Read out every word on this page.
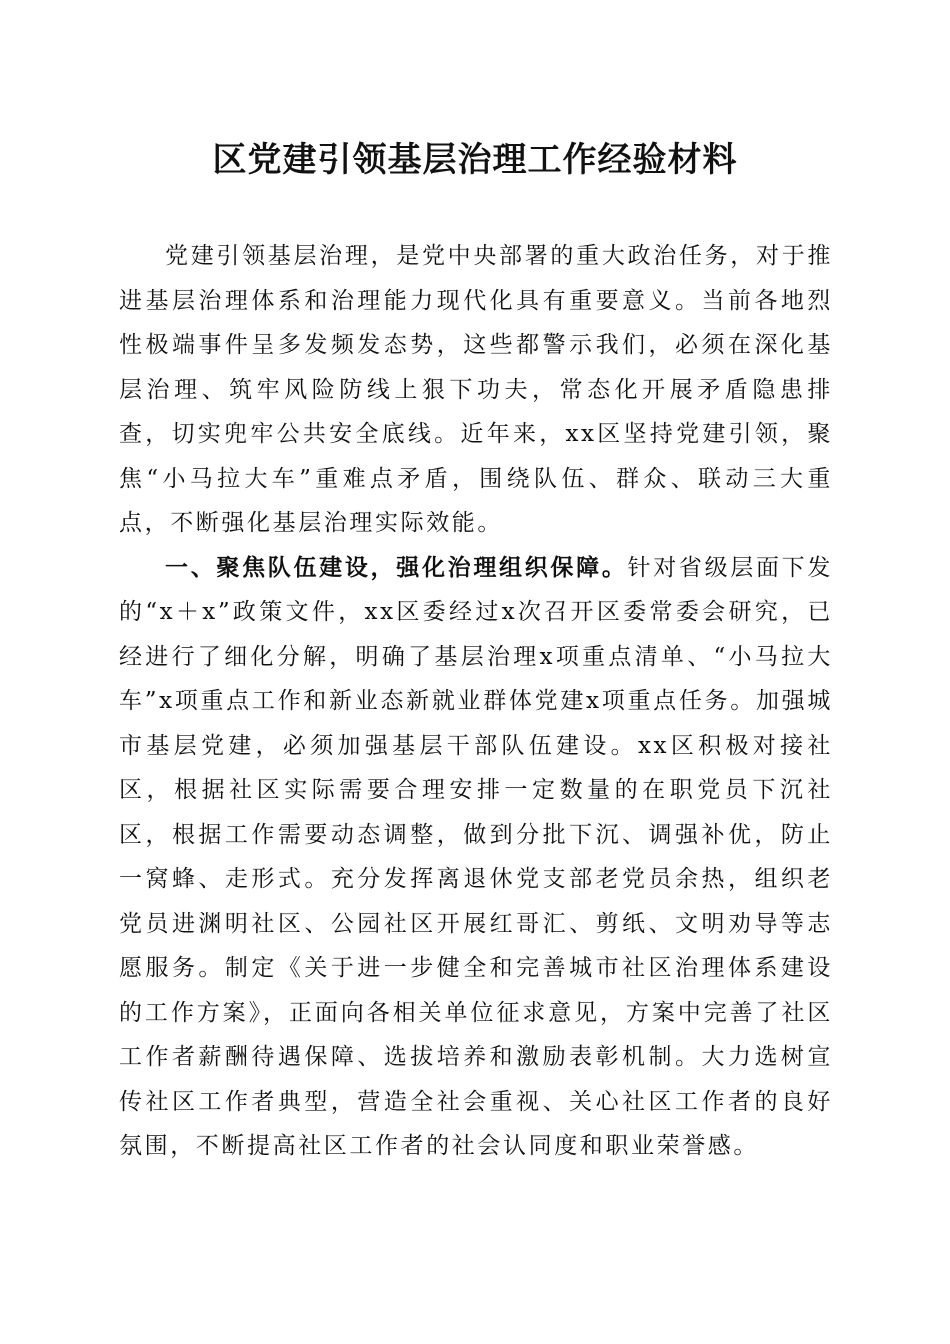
区党建引领基层治理工作经验材料

党建引领基层治理，是党中央部署的重大政治任务，对于推进基层治理体系和治理能力现代化具有重要意义。当前各地烈性极端事件呈多发频发态势，这些都警示我们，必须在深化基层治理、筑牢风险防线上狠下功夫，常态化开展矛盾隐患排查，切实兜牢公共安全底线。近年来，xx区坚持党建引领，聚焦“小马拉大车”重难点矛盾，围绕队伍、群众、联动三大重点，不断强化基层治理实际效能。

一、聚焦队伍建设，强化治理组织保障。针对省级层面下发的“x＋x”政策文件，xx区委经过x次召开区委常委会研究，已经进行了细化分解，明确了基层治理x项重点清单、“小马拉大车”x项重点工作和新业态新就业群体党建x项重点任务。加强城市基层党建，必须加强基层干部队伍建设。xx区积极对接社区，根据社区实际需要合理安排一定数量的在职党员下沉社区，根据工作需要动态调整，做到分批下沉、调强补优，防止一窝蜂、走形式。充分发挥离退休党支部老党员余热，组织老党员进渊明社区、公园社区开展红哥汇、剪纸、文明劝导等志愿服务。制定《关于进一步健全和完善城市社区治理体系建设的工作方案》，正面向各相关单位征求意见，方案中完善了社区工作者薪酬待遇保障、选拔培养和激励表彰机制。大力选树宣传社区工作者典型，营造全社会重视、关心社区工作者的良好氛围，不断提高社区工作者的社会认同度和职业荣誉感。
